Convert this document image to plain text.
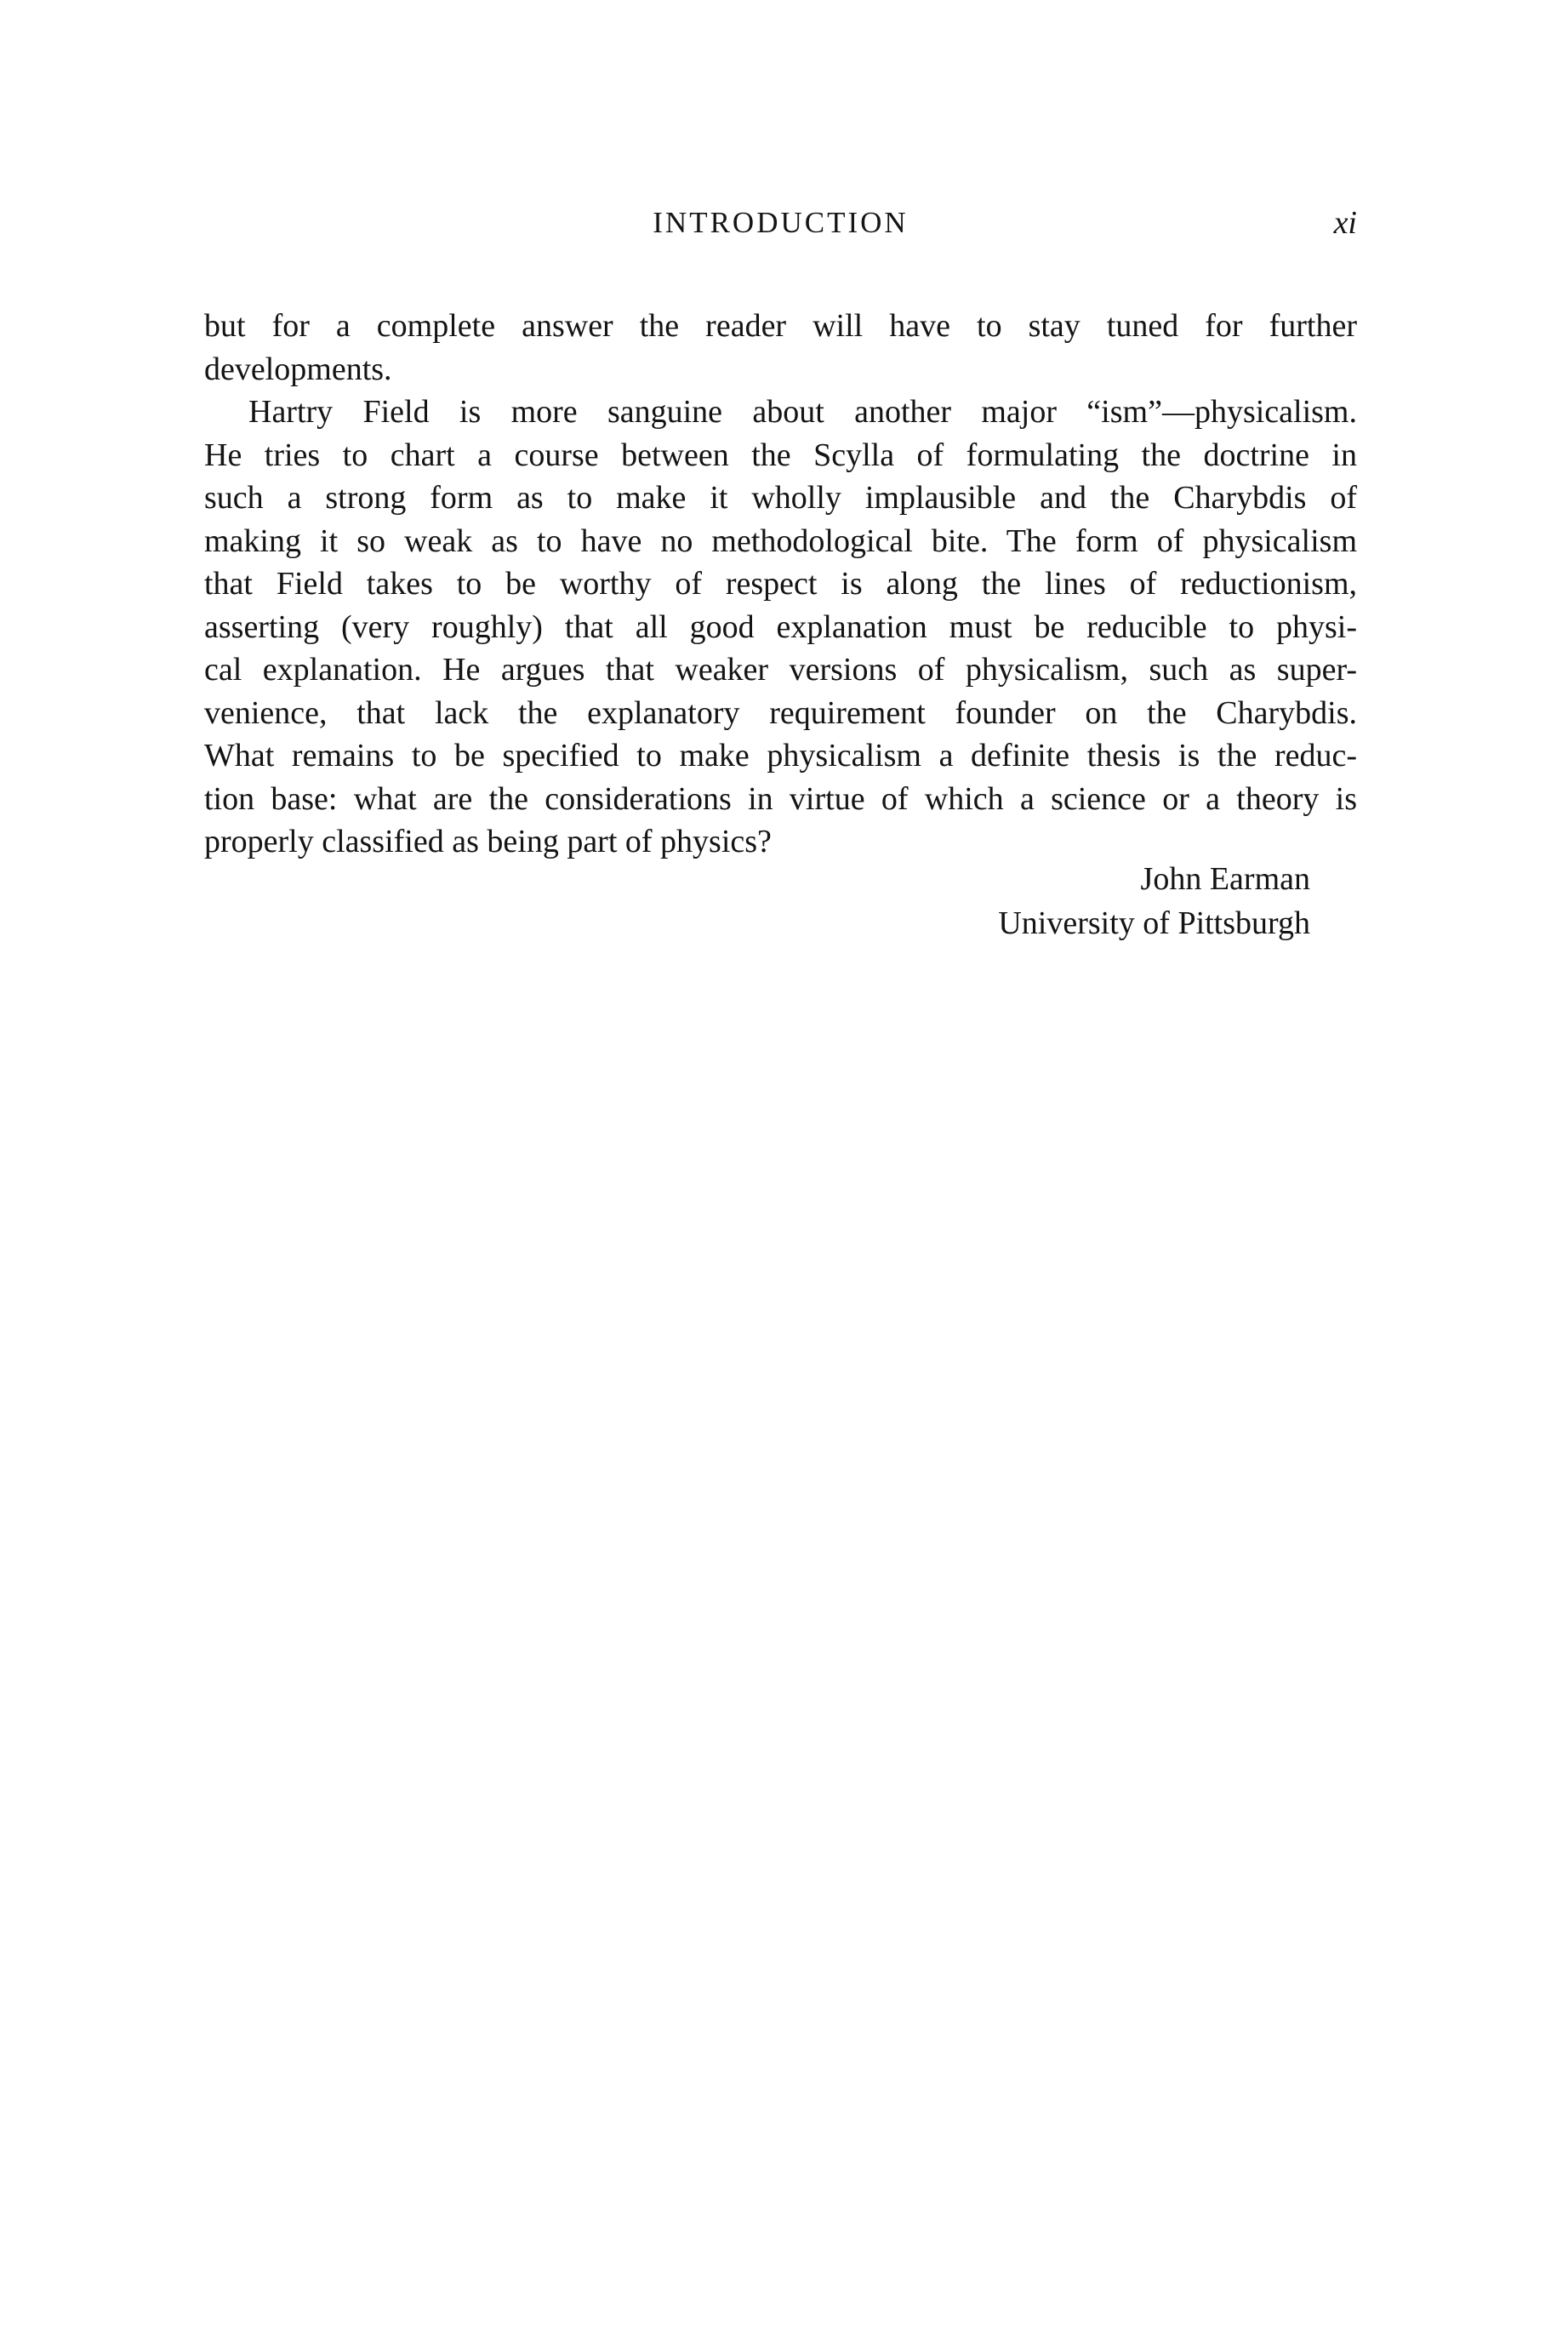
INTRODUCTION	xi

but for a complete answer the reader will have to stay tuned for further
developments.

Hartry Field is more sanguine about another major “ism”—physicalism.
He tries to chart a course between the Scylla of formulating the doctrine in
such a strong form as to make it wholly implausible and the Charybdis of
making it so weak as to have no methodological bite. The form of physicalism
that Field takes to be worthy of respect is along the lines of reductionism,
asserting (very roughly) that all good explanation must be reducible to physi-
cal explanation. He argues that weaker versions of physicalism, such as super-
venience, that lack the explanatory requirement founder on the Charybdis.
What remains to be specified to make physicalism a definite thesis is the reduc-
tion base: what are the considerations in virtue of which a science or a theory is
properly classified as being part of physics?

John Earman
University of Pittsburgh
